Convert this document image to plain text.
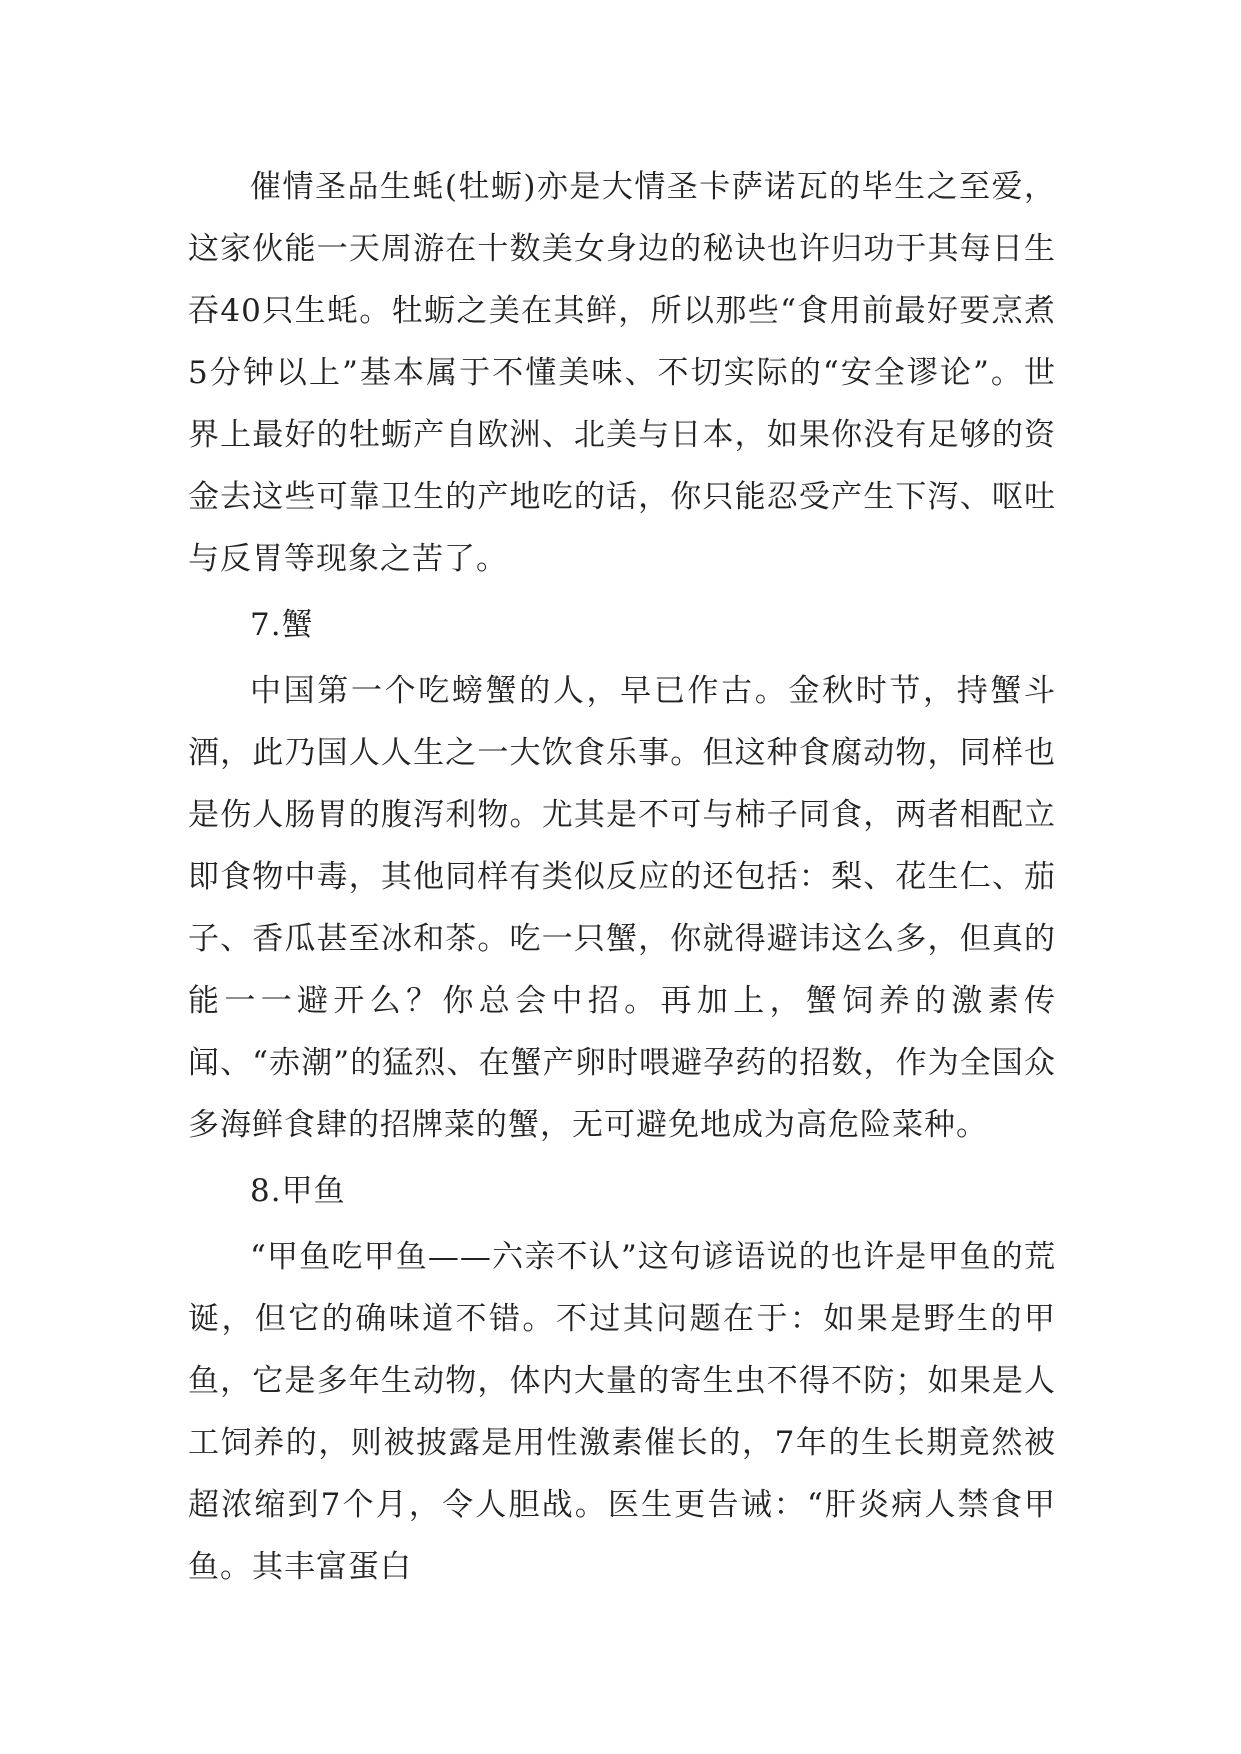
催情圣品生蚝(牡蛎)亦是大情圣卡萨诺瓦的毕生之至爱，这家伙能一天周游在十数美女身边的秘诀也许归功于其每日生吞40只生蚝。牡蛎之美在其鲜，所以那些“食用前最好要烹煮5分钟以上”基本属于不懂美味、不切实际的“安全谬论”。世界上最好的牡蛎产自欧洲、北美与日本，如果你没有足够的资金去这些可靠卫生的产地吃的话，你只能忍受产生下泻、呕吐与反胃等现象之苦了。

7.蟹

中国第一个吃螃蟹的人，早已作古。金秋时节，持蟹斗酒，此乃国人人生之一大饮食乐事。但这种食腐动物，同样也是伤人肠胃的腹泻利物。尤其是不可与柿子同食，两者相配立即食物中毒，其他同样有类似反应的还包括：梨、花生仁、茄子、香瓜甚至冰和茶。吃一只蟹，你就得避讳这么多，但真的能一一避开么？你总会中招。再加上，蟹饲养的激素传闻、“赤潮”的猛烈、在蟹产卵时喂避孕药的招数，作为全国众多海鲜食肆的招牌菜的蟹，无可避免地成为高危险菜种。

8.甲鱼

“甲鱼吃甲鱼——六亲不认”这句谚语说的也许是甲鱼的荒诞，但它的确味道不错。不过其问题在于：如果是野生的甲鱼，它是多年生动物，体内大量的寄生虫不得不防；如果是人工饲养的，则被披露是用性激素催长的，7年的生长期竟然被超浓缩到7个月，令人胆战。医生更告诫：“肝炎病人禁食甲鱼。其丰富蛋白
